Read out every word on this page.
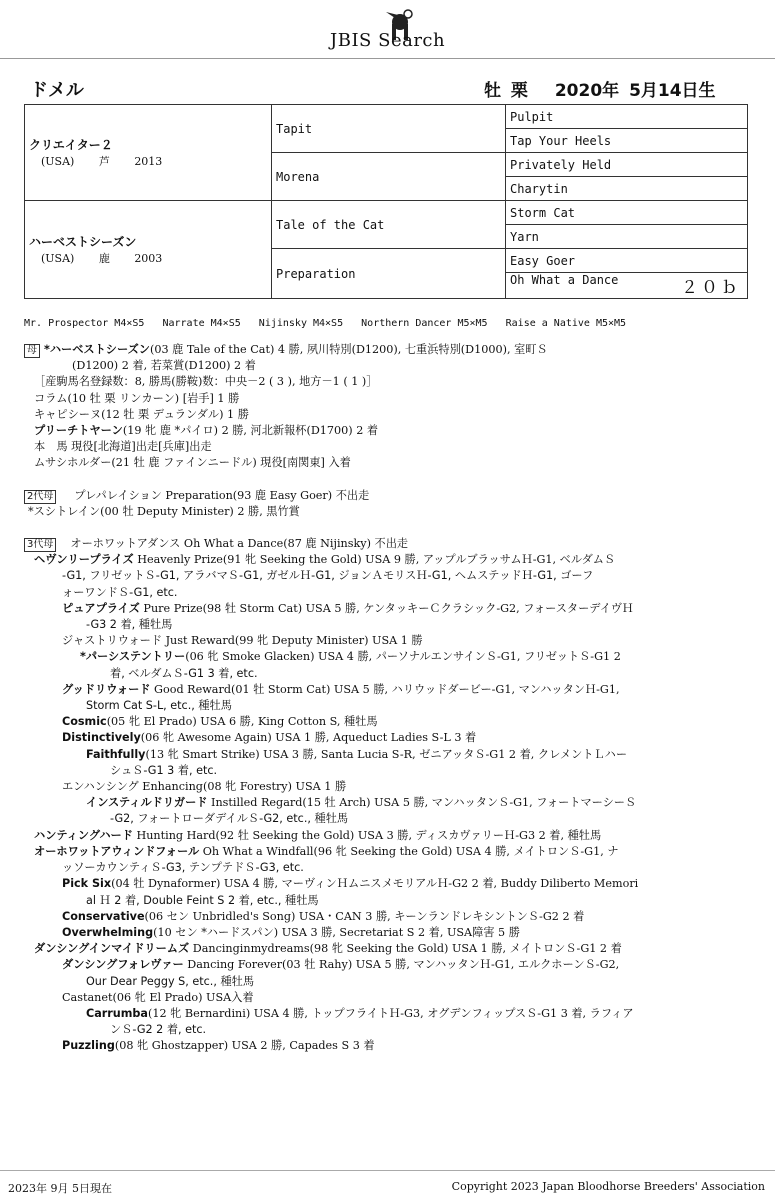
JBIS Search
ドメル	牡 栗　 2020年 5月14日生
クリエイター２
(USA) 芦 2013	Tapit	Pulpit
		Tap Your Heels
	Morena	Privately Held
		Charytin

ハーベストシーズン
(USA) 鹿 2003	Tale of the Cat	Storm Cat
		Yarn
	Preparation	Easy Goer
		Oh What a Dance ２０ｂ
Mr. Prospector M4×S5   Narrate M4×S5   Nijinsky M4×S5   Northern Dancer M5×M5   Raise a Native M5×M5
母 *ハーベストシーズン(03 鹿 Tale of the Cat) 4 勝, 夙川特別(D1200), 七重浜特別(D1000), 室町Ｓ
(D1200) 2 着, 若菜賞(D1200) 2 着
［産駒馬名登録数：8, 勝馬(勝鞍)数：中央－2 ( 3 ), 地方－1 ( 1 )］
コラム(10 牡 栗 リンカーン) [岩手] 1 勝
キャピシーヌ(12 牡 栗 デュランダル) 1 勝
プリーチトヤーン(19 牝 鹿 *パイロ) 2 勝, 河北新報杯(D1700) 2 着
本　馬 現役[北海道]出走[兵庫]出走
ムサシホルダー(21 牡 鹿 ファインニードル) 現役[南関東] 入着
2代母 プレパレイション Preparation(93 鹿 Easy Goer) 不出走
*スシトレイン(00 牡 Deputy Minister) 2 勝, 黒竹賞
3代母 オーホワットアダンス Oh What a Dance(87 鹿 Nijinsky) 不出走
ヘヴンリープライズ Heavenly Prize(91 牝 Seeking the Gold) USA 9 勝, アップルブラッサムＨ-G1, ベルダムＳ
-G1, フリゼットＳ-G1, アラバマＳ-G1, ガゼルＨ-G1, ジョンＡモリスＨ-G1, ヘムステッドＨ-G1, ゴーフ
ォーワンドＳ-G1, etc.
ピュアプライズ Pure Prize(98 牡 Storm Cat) USA 5 勝, ケンタッキーＣクラシック-G2, フォースターデイヴＨ
-G3 2 着, 種牡馬
ジャストリウォード Just Reward(99 牝 Deputy Minister) USA 1 勝
*パーシステントリー(06 牝 Smoke Glacken) USA 4 勝, パーソナルエンサインＳ-G1, フリゼットＳ-G1 2
着, ベルダムＳ-G1 3 着, etc.
グッドリウォード Good Reward(01 牡 Storm Cat) USA 5 勝, ハリウッドダービー-G1, マンハッタンＨ-G1,
Storm Cat S-L, etc., 種牡馬
Cosmic(05 牝 El Prado) USA 6 勝, King Cotton S, 種牡馬
Distinctively(06 牝 Awesome Again) USA 1 勝, Aqueduct Ladies S-L 3 着
Faithfully(13 牝 Smart Strike) USA 3 勝, Santa Lucia S-R, ゼニアッタＳ-G1 2 着, クレメントＬハー
シュＳ-G1 3 着, etc.
エンハンシング Enhancing(08 牝 Forestry) USA 1 勝
インスティルドリガード Instilled Regard(15 牡 Arch) USA 5 勝, マンハッタンＳ-G1, フォートマーシーＳ
-G2, フォートローダデイルＳ-G2, etc., 種牡馬
ハンティングハード Hunting Hard(92 牡 Seeking the Gold) USA 3 勝, ディスカヴァリーＨ-G3 2 着, 種牡馬
オーホワットアウィンドフォール Oh What a Windfall(96 牝 Seeking the Gold) USA 4 勝, メイトロンＳ-G1, ナ
ッソーカウンティＳ-G3, テンプテドＳ-G3, etc.
Pick Six(04 牡 Dynaformer) USA 4 勝, マーヴィンＨムニスメモリアルＨ-G2 2 着, Buddy Diliberto Memori
al Ｈ 2 着, Double Feint S 2 着, etc., 種牡馬
Conservative(06 セン Unbridled's Song) USA・CAN 3 勝, キーンランドレキシントンＳ-G2 2 着
Overwhelming(10 セン *ハードスパン) USA 3 勝, Secretariat S 2 着, USA障害 5 勝
ダンシングインマイドリームズ Dancinginmydreams(98 牝 Seeking the Gold) USA 1 勝, メイトロンＳ-G1 2 着
ダンシングフォレヴァー Dancing Forever(03 牡 Rahy) USA 5 勝, マンハッタンＨ-G1, エルクホーンＳ-G2,
Our Dear Peggy S, etc., 種牡馬
Castanet(06 牝 El Prado) USA入着
Carrumba(12 牝 Bernardini) USA 4 勝, トップフライトＨ-G3, オグデンフィップスＳ-G1 3 着, ラフィア
ンＳ-G2 2 着, etc.
Puzzling(08 牝 Ghostzapper) USA 2 勝, Capades S 3 着
2023年 9月 5日現在	Copyright 2023 Japan Bloodhorse Breeders' Association
